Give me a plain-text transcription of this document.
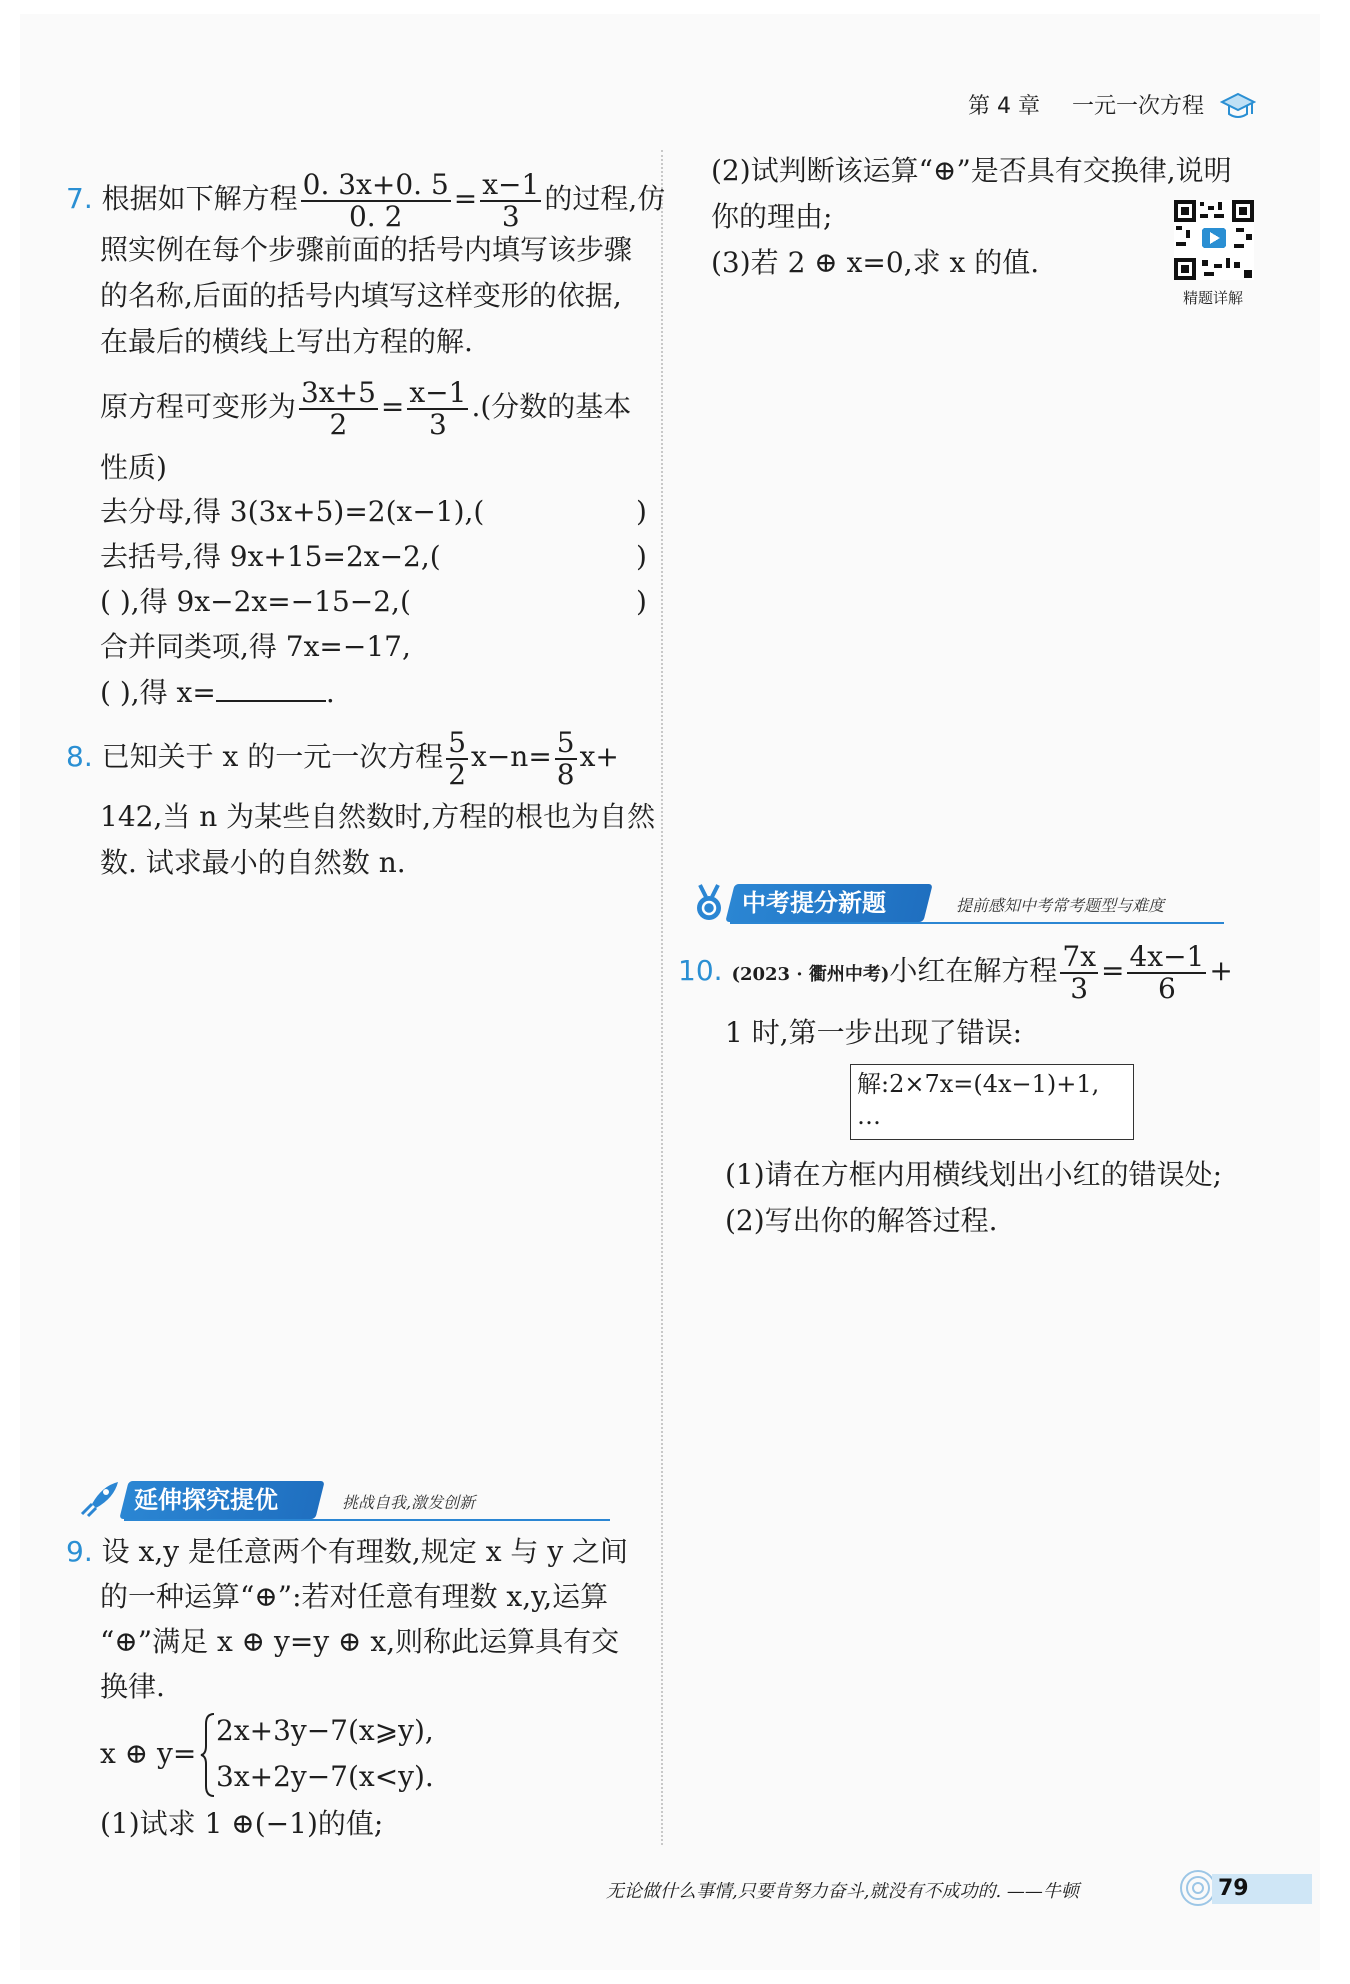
第 4 章 一元一次方程
7. 根据如下解方程 $\frac{0. 3x+0. 5}{0. 2} = \frac{x-1}{3}$ 的过程,仿
照实例在每个步骤前面的括号内填写该步骤
的名称,后面的括号内填写这样变形的依据,
在最后的横线上写出方程的解.
原方程可变形为 $\frac{3x+5}{2} = \frac{x-1}{3}$ .(分数的基本
性质)
去分母,得 3(3x+5)=2(x−1),(	)
去括号,得 9x+15=2x−2,(	)
( ),得 9x−2x=−15−2,(	)
合并同类项,得 7x=−17,
( ),得 x=	.
8. 已知关于 x 的一元一次方程 $\frac{5}{2} x-n= \frac{5}{8} x+$
142,当 n 为某些自然数时,方程的根也为自然
数. 试求最小的自然数 n.
延伸探究提优	挑战自我,激发创新
9. 设 x,y 是任意两个有理数,规定 x 与 y 之间
的一种运算“⊕”:若对任意有理数 x,y,运算
“⊕”满足 x ⊕ y=y ⊕ x,则称此运算具有交
换律.
x ⊕ y=
2x+3y−7(x⩾y),
3x+2y−7(x<y).
(1)试求 1 ⊕(−1)的值;
(2)试判断该运算“⊕”是否具有交换律,说明
你的理由;
(3)若 2 ⊕ x=0,求 x 的值.
精题详解
中考提分新题	提前感知中考常考题型与难度
10. (2023 · 衢州中考)小红在解方程 $\frac{7x}{3} = \frac{4x-1}{6}$ +
1 时,第一步出现了错误:
解:2×7x=(4x−1)+1,
…
(1)请在方框内用横线划出小红的错误处;
(2)写出你的解答过程.
无论做什么事情,只要肯努力奋斗,就没有不成功的. ——牛顿	79
